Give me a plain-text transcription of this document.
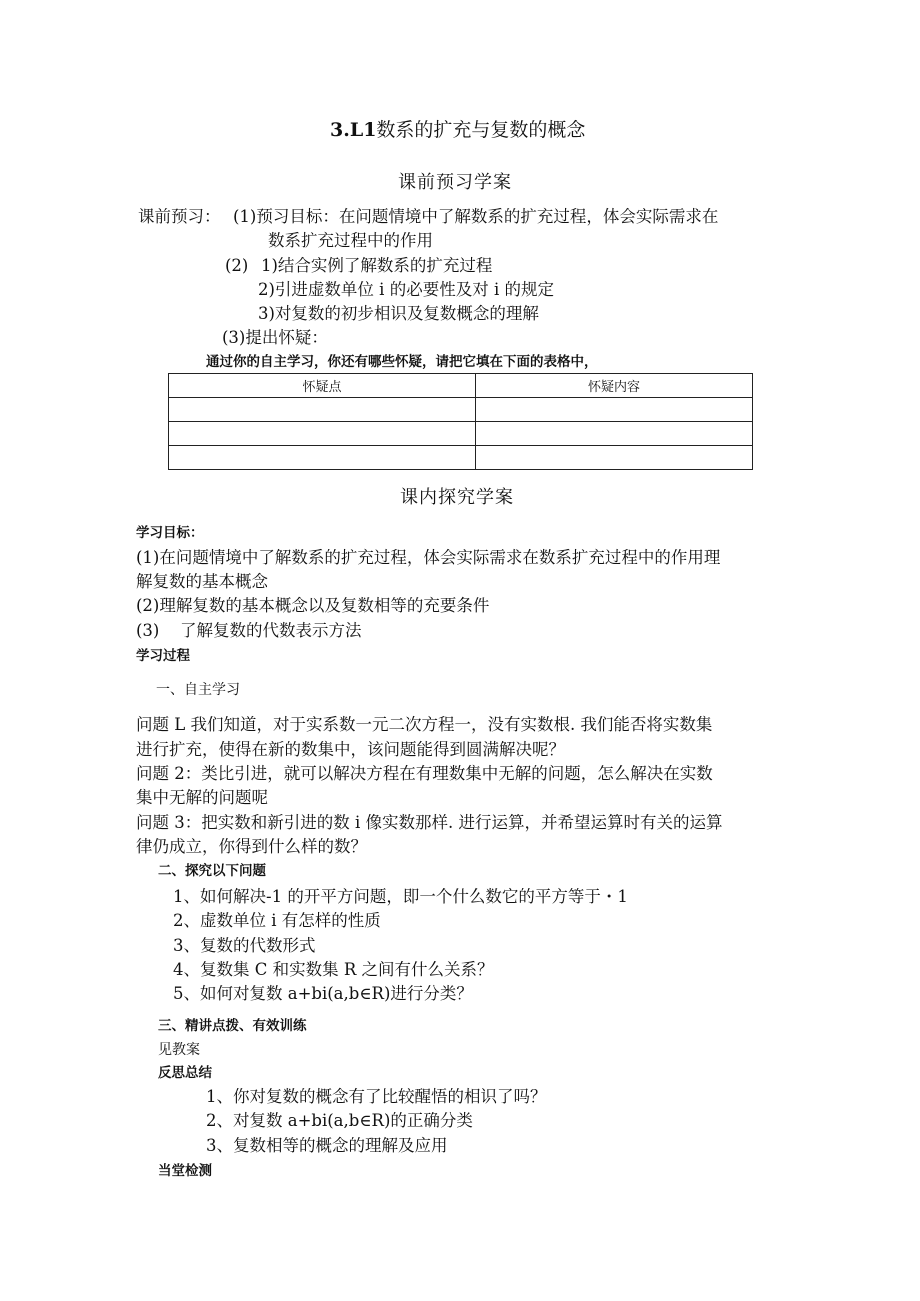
3.L1数系的扩充与复数的概念
课前预习学案
课前预习： (1)预习目标：在问题情境中了解数系的扩充过程，体会实际需求在
数系扩充过程中的作用
(2) 1)结合实例了解数系的扩充过程
2)引进虚数单位 i 的必要性及对 i 的规定
3)对复数的初步相识及复数概念的理解
(3)提出怀疑：
通过你的自主学习，你还有哪些怀疑，请把它填在下面的表格中，
怀疑点	怀疑内容

课内探究学案
学习目标：
(1)在问题情境中了解数系的扩充过程，体会实际需求在数系扩充过程中的作用理
解复数的基本概念
(2)理解复数的基本概念以及复数相等的充要条件
(3) 了解复数的代数表示方法
学习过程
一、自主学习
问题 L 我们知道，对于实系数一元二次方程一，没有实数根. 我们能否将实数集
进行扩充，使得在新的数集中，该问题能得到圆满解决呢？
问题 2：类比引进，就可以解决方程在有理数集中无解的问题，怎么解决在实数
集中无解的问题呢
问题 3：把实数和新引进的数 i 像实数那样. 进行运算，并希望运算时有关的运算
律仍成立，你得到什么样的数？
二、探究以下问题
1、如何解决-1 的开平方问题，即一个什么数它的平方等于・1
2、虚数单位 i 有怎样的性质
3、复数的代数形式
4、复数集 C 和实数集 R 之间有什么关系？
5、如何对复数 a+bi(a,b∈R)进行分类？
三、精讲点拨、有效训练
见教案
反思总结
1、你对复数的概念有了比较醒悟的相识了吗？
2、对复数 a+bi(a,b∈R)的正确分类
3、复数相等的概念的理解及应用
当堂检测
